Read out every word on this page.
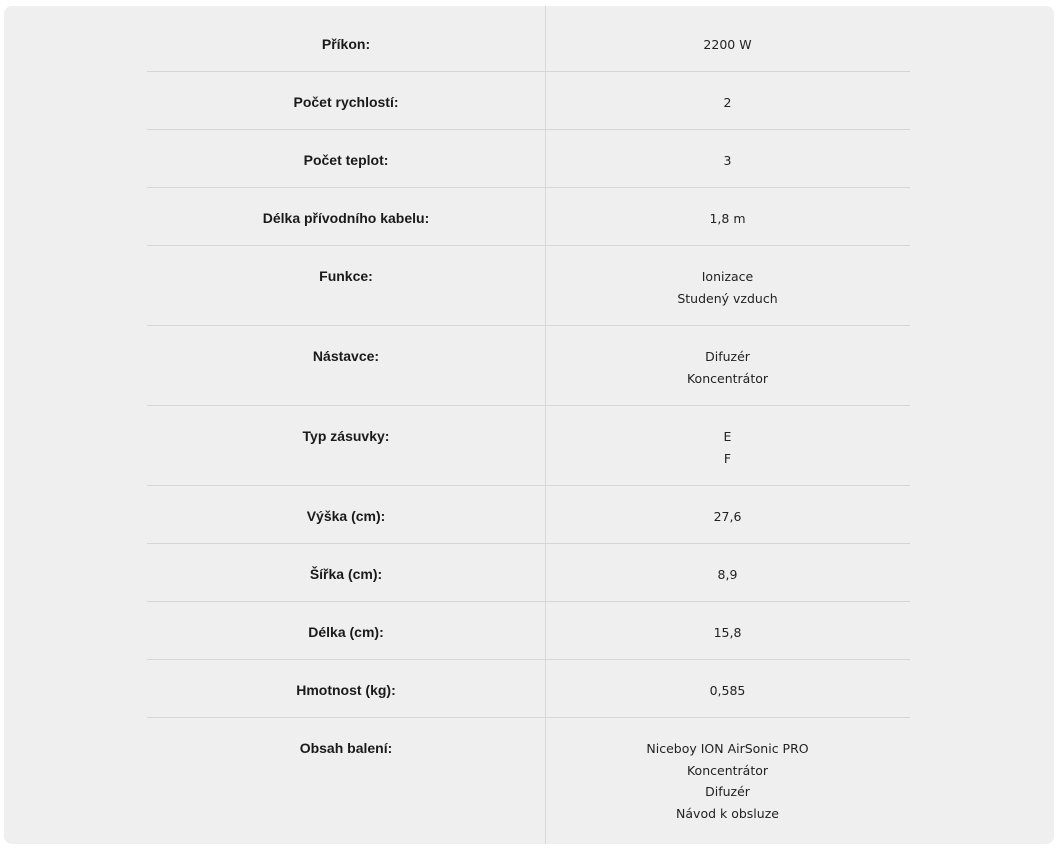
Příkon:	2200 W
Počet rychlostí:	2
Počet teplot:	3
Délka přívodního kabelu:	1,8 m
Funkce:	Ionizace
Studený vzduch
Nástavce:	Difuzér
Koncentrátor
Typ zásuvky:	E
F
Výška (cm):	27,6
Šířka (cm):	8,9
Délka (cm):	15,8
Hmotnost (kg):	0,585
Obsah balení:	Niceboy ION AirSonic PRO
Koncentrátor
Difuzér
Návod k obsluze
